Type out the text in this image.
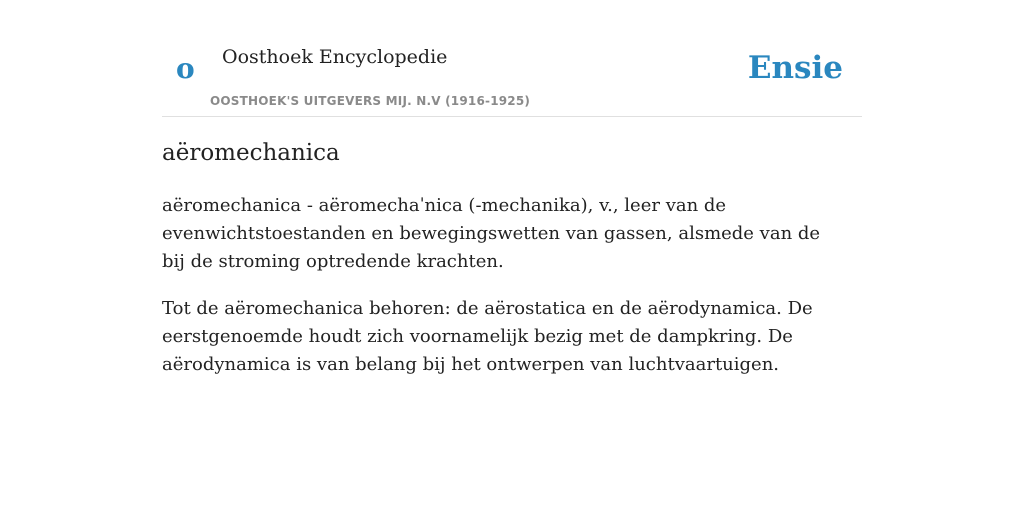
o Oosthoek Encyclopedie
OOSTHOEK'S UITGEVERS MIJ. N.V (1916-1925)
Ensie
aëromechanica

aëromechanica - aëromechaˈnica (-mechanika), v., leer van de evenwichtstoestanden en bewegingswetten van gassen, alsmede van de bij de stroming optredende krachten.

Tot de aëromechanica behoren: de aërostatica en de aërodynamica. De eerstgenoemde houdt zich voornamelijk bezig met de dampkring. De aërodynamica is van belang bij het ontwerpen van luchtvaartuigen.
